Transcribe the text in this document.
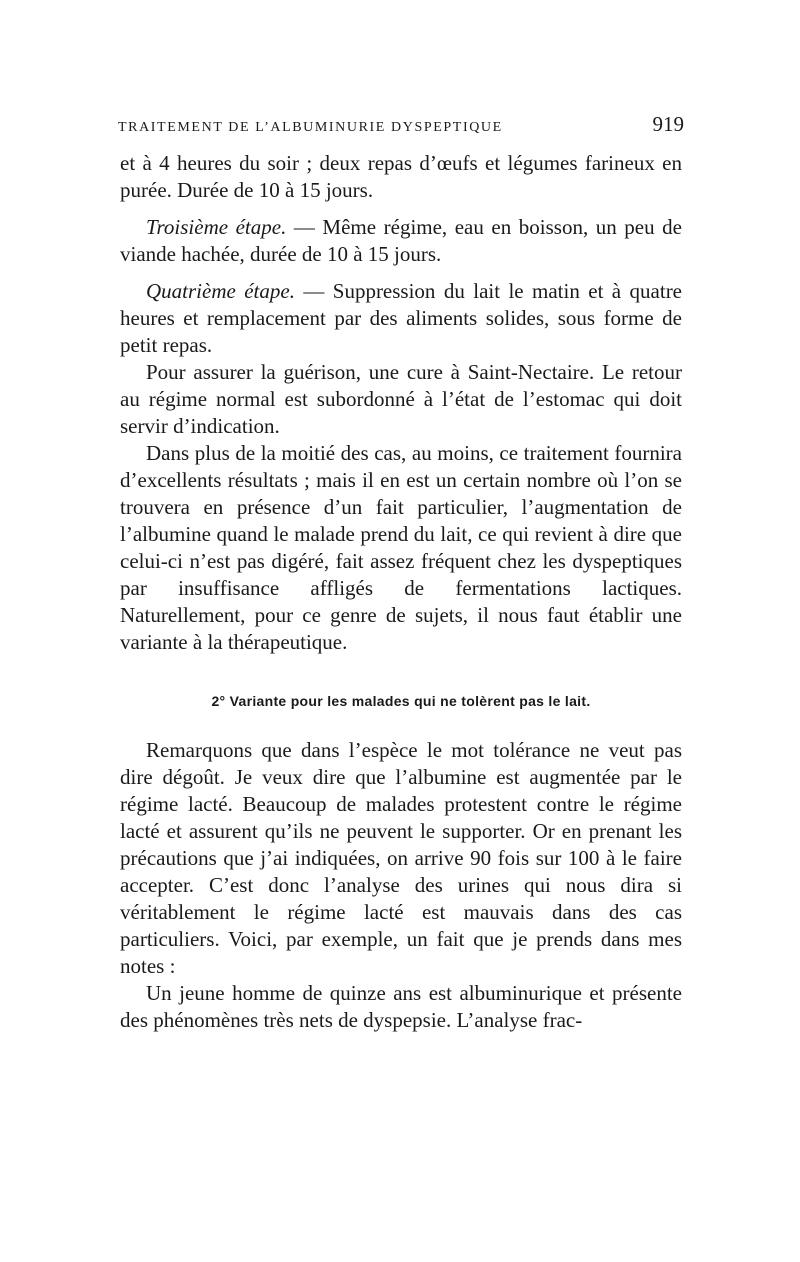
TRAITEMENT DE L’ALBUMINURIE DYSPEPTIQUE	919

et à 4 heures du soir ; deux repas d’œufs et légumes farineux en purée. Durée de 10 à 15 jours.

Troisième étape. — Même régime, eau en boisson, un peu de viande hachée, durée de 10 à 15 jours.

Quatrième étape. — Suppression du lait le matin et à quatre heures et remplacement par des aliments solides, sous forme de petit repas.

Pour assurer la guérison, une cure à Saint-Nectaire. Le retour au régime normal est subordonné à l’état de l’estomac qui doit servir d’indication.

Dans plus de la moitié des cas, au moins, ce traitement fournira d’excellents résultats ; mais il en est un certain nombre où l’on se trouvera en présence d’un fait particulier, l’augmentation de l’albumine quand le malade prend du lait, ce qui revient à dire que celui-ci n’est pas digéré, fait assez fréquent chez les dyspeptiques par insuffisance affligés de fermentations lactiques. Naturellement, pour ce genre de sujets, il nous faut établir une variante à la thérapeutique.

2° Variante pour les malades qui ne tolèrent pas le lait.

Remarquons que dans l’espèce le mot tolérance ne veut pas dire dégoût. Je veux dire que l’albumine est augmentée par le régime lacté. Beaucoup de malades protestent contre le régime lacté et assurent qu’ils ne peuvent le supporter. Or en prenant les précautions que j’ai indiquées, on arrive 90 fois sur 100 à le faire accepter. C’est donc l’analyse des urines qui nous dira si véritablement le régime lacté est mauvais dans des cas particuliers. Voici, par exemple, un fait que je prends dans mes notes :

Un jeune homme de quinze ans est albuminurique et présente des phénomènes très nets de dyspepsie. L’analyse frac-
